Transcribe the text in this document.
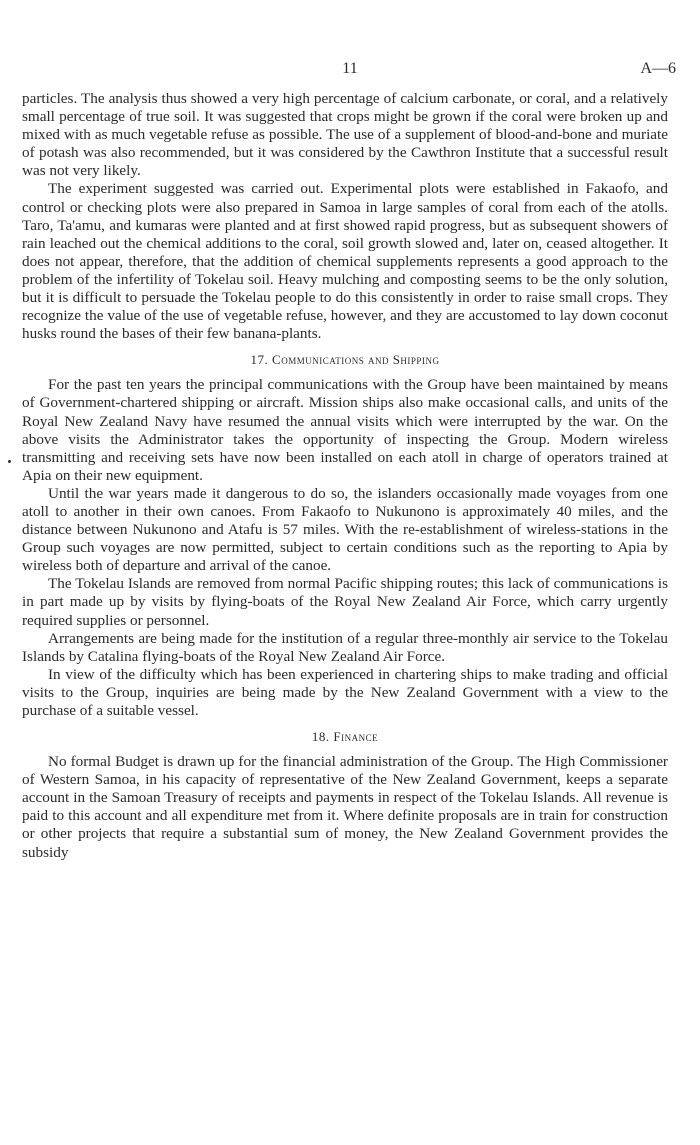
11	A—6

particles. The analysis thus showed a very high percentage of calcium carbonate, or coral, and a relatively small percentage of true soil. It was suggested that crops might be grown if the coral were broken up and mixed with as much vegetable refuse as possible. The use of a supplement of blood-and-bone and muriate of potash was also recommended, but it was considered by the Cawthron Institute that a successful result was not very likely.

The experiment suggested was carried out. Experimental plots were established in Fakaofo, and control or checking plots were also prepared in Samoa in large samples of coral from each of the atolls. Taro, Ta'amu, and kumaras were planted and at first showed rapid progress, but as subsequent showers of rain leached out the chemical additions to the coral, soil growth slowed and, later on, ceased altogether. It does not appear, therefore, that the addition of chemical supplements represents a good approach to the problem of the infertility of Tokelau soil. Heavy mulching and composting seems to be the only solution, but it is difficult to persuade the Tokelau people to do this consistently in order to raise small crops. They recognize the value of the use of vegetable refuse, however, and they are accustomed to lay down coconut husks round the bases of their few banana-plants.

17. Communications and Shipping

For the past ten years the principal communications with the Group have been maintained by means of Government-chartered shipping or aircraft. Mission ships also make occasional calls, and units of the Royal New Zealand Navy have resumed the annual visits which were interrupted by the war. On the above visits the Administrator takes the opportunity of inspecting the Group. Modern wireless transmitting and receiving sets have now been installed on each atoll in charge of operators trained at Apia on their new equipment.

Until the war years made it dangerous to do so, the islanders occasionally made voyages from one atoll to another in their own canoes. From Fakaofo to Nukunono is approximately 40 miles, and the distance between Nukunono and Atafu is 57 miles. With the re-establishment of wireless-stations in the Group such voyages are now permitted, subject to certain conditions such as the reporting to Apia by wireless both of departure and arrival of the canoe.

The Tokelau Islands are removed from normal Pacific shipping routes; this lack of communications is in part made up by visits by flying-boats of the Royal New Zealand Air Force, which carry urgently required supplies or personnel.

Arrangements are being made for the institution of a regular three-monthly air service to the Tokelau Islands by Catalina flying-boats of the Royal New Zealand Air Force.

In view of the difficulty which has been experienced in chartering ships to make trading and official visits to the Group, inquiries are being made by the New Zealand Government with a view to the purchase of a suitable vessel.

18. Finance

No formal Budget is drawn up for the financial administration of the Group. The High Commissioner of Western Samoa, in his capacity of representative of the New Zealand Government, keeps a separate account in the Samoan Treasury of receipts and payments in respect of the Tokelau Islands. All revenue is paid to this account and all expenditure met from it. Where definite proposals are in train for construction or other projects that require a substantial sum of money, the New Zealand Government provides the subsidy
